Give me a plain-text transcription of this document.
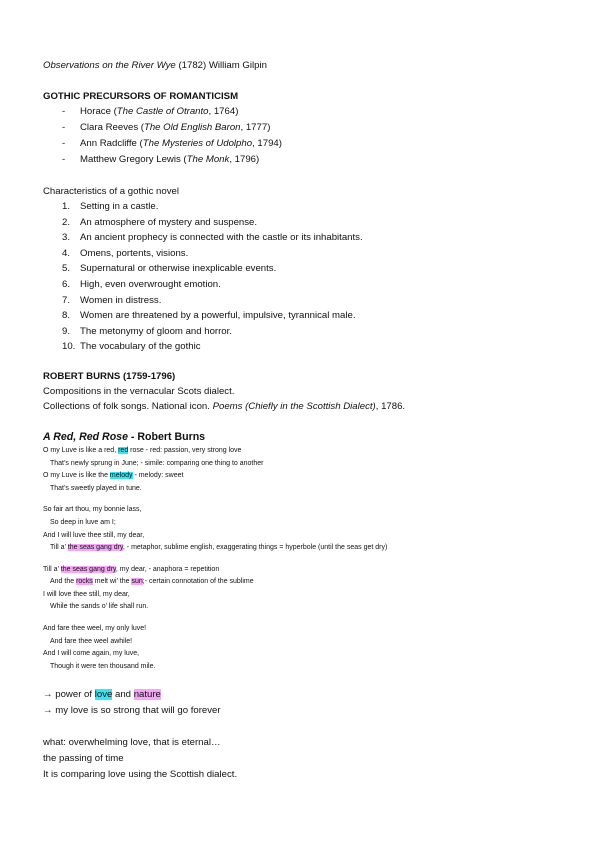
Observations on the River Wye (1782) William Gilpin
GOTHIC PRECURSORS OF ROMANTICISM
- Horace (The Castle of Otranto, 1764)
- Clara Reeves (The Old English Baron, 1777)
- Ann Radcliffe (The Mysteries of Udolpho, 1794)
- Matthew Gregory Lewis (The Monk, 1796)
Characteristics of a gothic novel
1. Setting in a castle.
2. An atmosphere of mystery and suspense.
3. An ancient prophecy is connected with the castle or its inhabitants.
4. Omens, portents, visions.
5. Supernatural or otherwise inexplicable events.
6. High, even overwrought emotion.
7. Women in distress.
8. Women are threatened by a powerful, impulsive, tyrannical male.
9. The metonymy of gloom and horror.
10. The vocabulary of the gothic
ROBERT BURNS (1759-1796)
Compositions in the vernacular Scots dialect.
Collections of folk songs. National icon. Poems (Chiefly in the Scottish Dialect), 1786.
A Red, Red Rose - Robert Burns
O my Luve is like a red, red rose - red: passion, very strong love
That’s newly sprung in June; - simile: comparing one thing to another
O my Luve is like the melody - melody: sweet
That’s sweetly played in tune.
So fair art thou, my bonnie lass,
So deep in luve am I;
And I will luve thee still, my dear,
Till a’ the seas gang dry, - metaphor, sublime english, exaggerating things = hyperbole (until the seas get dry)
Till a’ the seas gang dry, my dear, - anaphora = repetition
And the rocks melt wi’ the sun;- certain connotation of the sublime
I will love thee still, my dear,
While the sands o’ life shall run.
And fare thee weel, my only luve!
And fare thee weel awhile!
And I will come again, my luve,
Though it were ten thousand mile.
→ power of love and nature
→ my love is so strong that will go forever
what: overwhelming love, that is eternal…
the passing of time
It is comparing love using the Scottish dialect.
